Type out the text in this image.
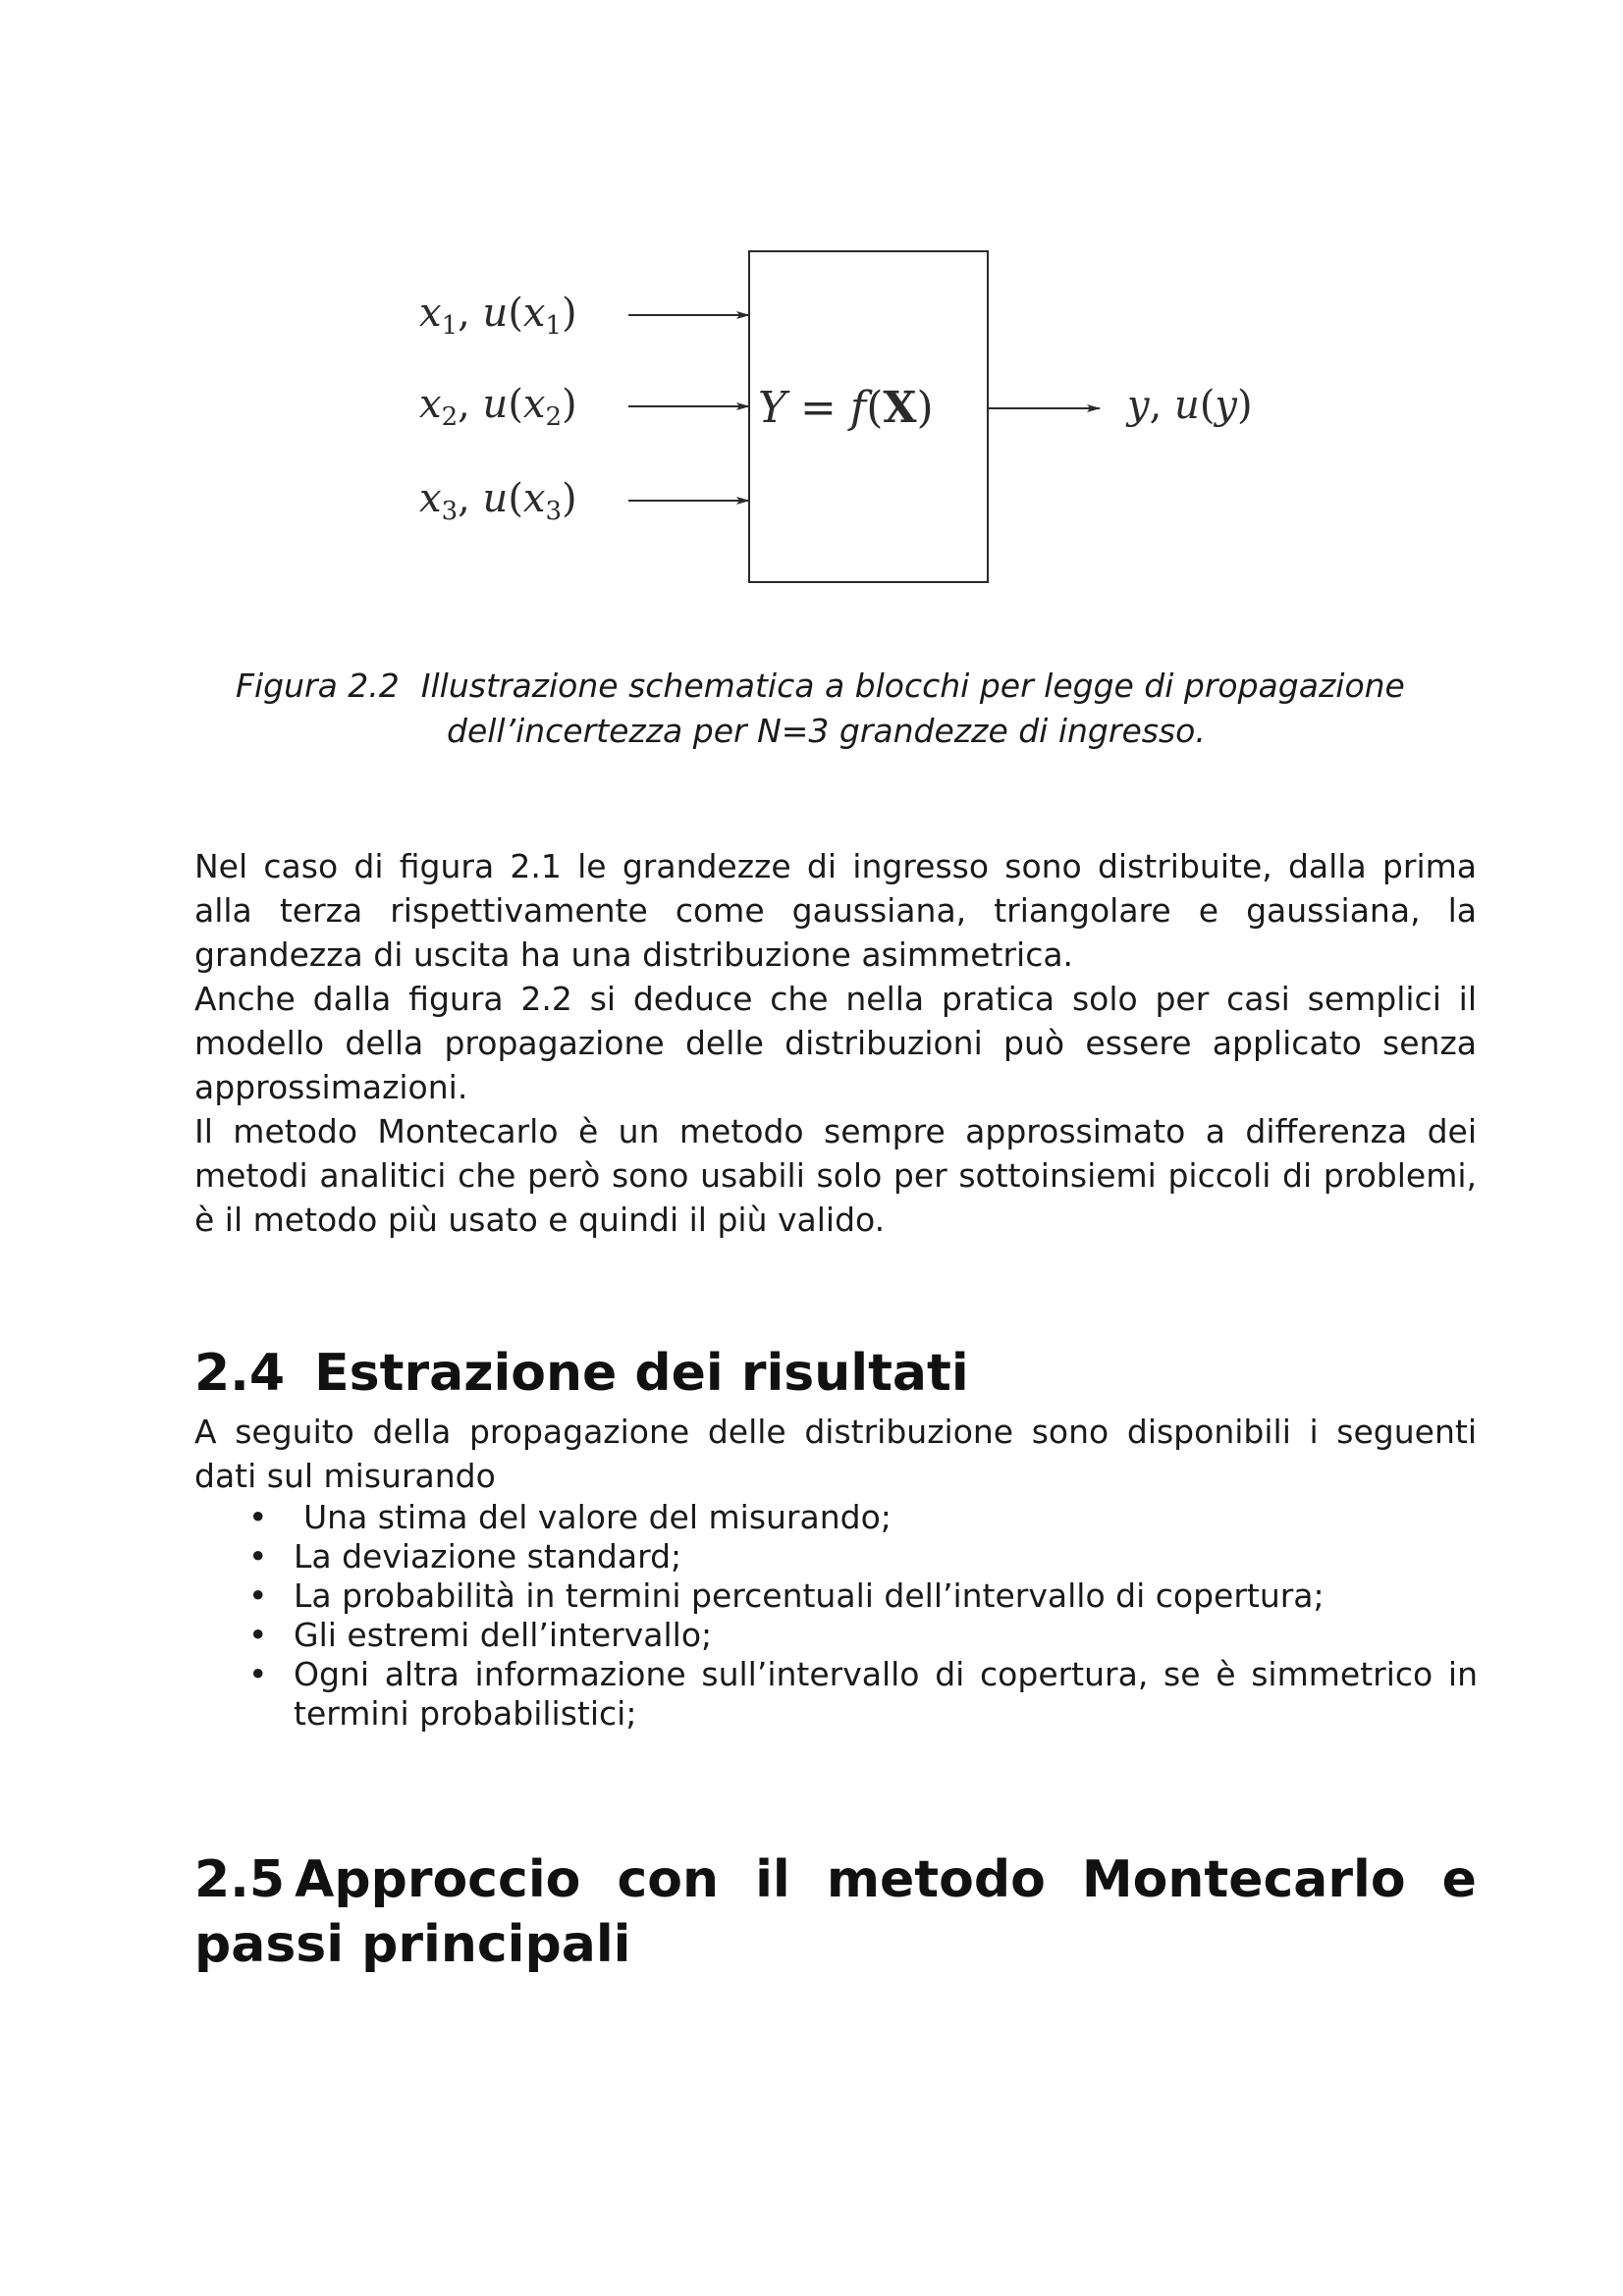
$x_1$, $u(x_1)$
$x_2$, $u(x_2)$
$x_3$, $u(x_3)$
Y = f(X)	y, u(y)
Figura 2.2 Illustrazione schematica a blocchi per legge di propagazione
dell’incertezza per N=3 grandezze di ingresso.

Nel caso di figura 2.1 le grandezze di ingresso sono distribuite, dalla prima alla terza rispettivamente come gaussiana, triangolare e gaussiana, la grandezza di uscita ha una distribuzione asimmetrica.

Anche dalla figura 2.2 si deduce che nella pratica solo per casi semplici il modello della propagazione delle distribuzioni può essere applicato senza approssimazioni.

Il metodo Montecarlo è un metodo sempre approssimato a differenza dei metodi analitici che però sono usabili solo per sottoinsiemi piccoli di problemi, è il metodo più usato e quindi il più valido.

2.4 Estrazione dei risultati

A seguito della propagazione delle distribuzione sono disponibili i seguenti dati sul misurando

• Una stima del valore del misurando;
• La deviazione standard;
• La probabilità in termini percentuali dell’intervallo di copertura;
• Gli estremi dell’intervallo;
• Ogni altra informazione sull’intervallo di copertura, se è simmetrico in termini probabilistici;
2.5 Approccio con il metodo Montecarlo e
passi principali
